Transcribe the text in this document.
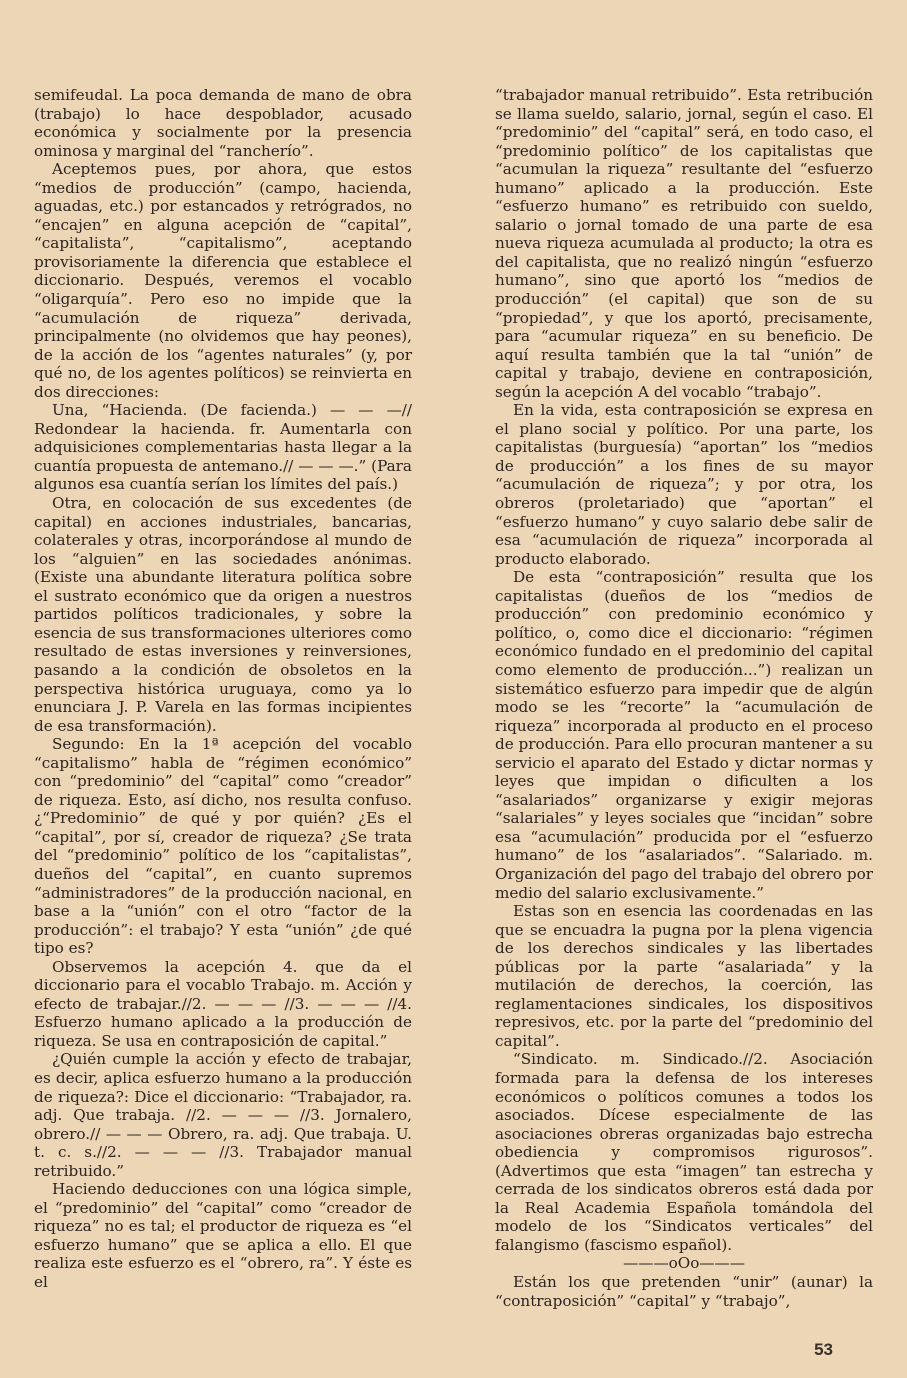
semifeudal. La poca demanda de mano de obra (trabajo) lo hace despoblador, acusado económica y socialmente por la presencia ominosa y marginal del “rancherío”.

Aceptemos pues, por ahora, que estos “medios de producción” (campo, hacienda, aguadas, etc.) por estancados y retrógrados, no “encajen” en alguna acepción de “capital”, “capitalista”, “capitalismo”, aceptando provisoriamente la diferencia que establece el diccionario. Después, veremos el vocablo “oligarquía”. Pero eso no impide que la “acumulación de riqueza” derivada, principalmente (no olvidemos que hay peones), de la acción de los “agentes naturales” (y, por qué no, de los agentes políticos) se reinvierta en dos direcciones:

Una, “Hacienda. (De facienda.) — — —// Redondear la hacienda. fr. Aumentarla con adquisiciones complementarias hasta llegar a la cuantía propuesta de antemano.// — — —.” (Para algunos esa cuantía serían los límites del país.)

Otra, en colocación de sus excedentes (de capital) en acciones industriales, bancarias, colaterales y otras, incorporándose al mundo de los “alguien” en las sociedades anónimas. (Existe una abundante literatura política sobre el sustrato económico que da origen a nuestros partidos políticos tradicionales, y sobre la esencia de sus transformaciones ulteriores como resultado de estas inversiones y reinversiones, pasando a la condición de obsoletos en la perspectiva histórica uruguaya, como ya lo enunciara J. P. Varela en las formas incipientes de esa transformación).

Segundo: En la 1ª acepción del vocablo “capitalismo” habla de “régimen económico” con “predominio” del “capital” como “creador” de riqueza. Esto, así dicho, nos resulta confuso. ¿“Predominio” de qué y por quién? ¿Es el “capital”, por sí, creador de riqueza? ¿Se trata del “predominio” político de los “capitalistas”, dueños del “capital”, en cuanto supremos “administradores” de la producción nacional, en base a la “unión” con el otro “factor de la producción”: el trabajo? Y esta “unión” ¿de qué tipo es?

Observemos la acepción 4. que da el diccionario para el vocablo Trabajo. m. Acción y efecto de trabajar.//2. — — — //3. — — — //4. Esfuerzo humano aplicado a la producción de riqueza. Se usa en contraposición de capital.”

¿Quién cumple la acción y efecto de trabajar, es decir, aplica esfuerzo humano a la producción de riqueza?: Dice el diccionario: “Trabajador, ra. adj. Que trabaja. //2. — — — //3. Jornalero, obrero.// — — — Obrero, ra. adj. Que trabaja. U. t. c. s.//2. — — — //3. Trabajador manual retribuido.”

Haciendo deducciones con una lógica simple, el “predominio” del “capital” como “creador de riqueza” no es tal; el productor de riqueza es “el esfuerzo humano” que se aplica a ello. El que realiza este esfuerzo es el “obrero, ra”. Y éste es el

“trabajador manual retribuido”. Esta retribución se llama sueldo, salario, jornal, según el caso. El “predominio” del “capital” será, en todo caso, el “predominio político” de los capitalistas que “acumulan la riqueza” resultante del “esfuerzo humano” aplicado a la producción. Este “esfuerzo humano” es retribuido con sueldo, salario o jornal tomado de una parte de esa nueva riqueza acumulada al producto; la otra es del capitalista, que no realizó ningún “esfuerzo humano”, sino que aportó los “medios de producción” (el capital) que son de su “propiedad”, y que los aportó, precisamente, para “acumular riqueza” en su beneficio. De aquí resulta también que la tal “unión” de capital y trabajo, deviene en contraposición, según la acepción A del vocablo “trabajo”.

En la vida, esta contraposición se expresa en el plano social y político. Por una parte, los capitalistas (burguesía) “aportan” los “medios de producción” a los fines de su mayor “acumulación de riqueza”; y por otra, los obreros (proletariado) que “aportan” el “esfuerzo humano” y cuyo salario debe salir de esa “acumulación de riqueza” incorporada al producto elaborado.

De esta “contraposición” resulta que los capitalistas (dueños de los “medios de producción” con predominio económico y político, o, como dice el diccionario: “régimen económico fundado en el predominio del capital como elemento de producción...”) realizan un sistemático esfuerzo para impedir que de algún modo se les “recorte” la “acumulación de riqueza” incorporada al producto en el proceso de producción. Para ello procuran mantener a su servicio el aparato del Estado y dictar normas y leyes que impidan o dificulten a los “asalariados” organizarse y exigir mejoras “salariales” y leyes sociales que “incidan” sobre esa “acumulación” producida por el “esfuerzo humano” de los “asalariados”. “Salariado. m. Organización del pago del trabajo del obrero por medio del salario exclusivamente.”

Estas son en esencia las coordenadas en las que se encuadra la pugna por la plena vigencia de los derechos sindicales y las libertades públicas por la parte “asalariada” y la mutilación de derechos, la coerción, las reglamentaciones sindicales, los dispositivos represivos, etc. por la parte del “predominio del capital”.

“Sindicato. m. Sindicado.//2. Asociación formada para la defensa de los intereses económicos o políticos comunes a todos los asociados. Dícese especialmente de las asociaciones obreras organizadas bajo estrecha obediencia y compromisos rigurosos”. (Advertimos que esta “imagen” tan estrecha y cerrada de los sindicatos obreros está dada por la Real Academia Española tomándola del modelo de los “Sindicatos verticales” del falangismo (fascismo español).

———oOo———

Están los que pretenden “unir” (aunar) la “contraposición” “capital” y “trabajo”,

53
